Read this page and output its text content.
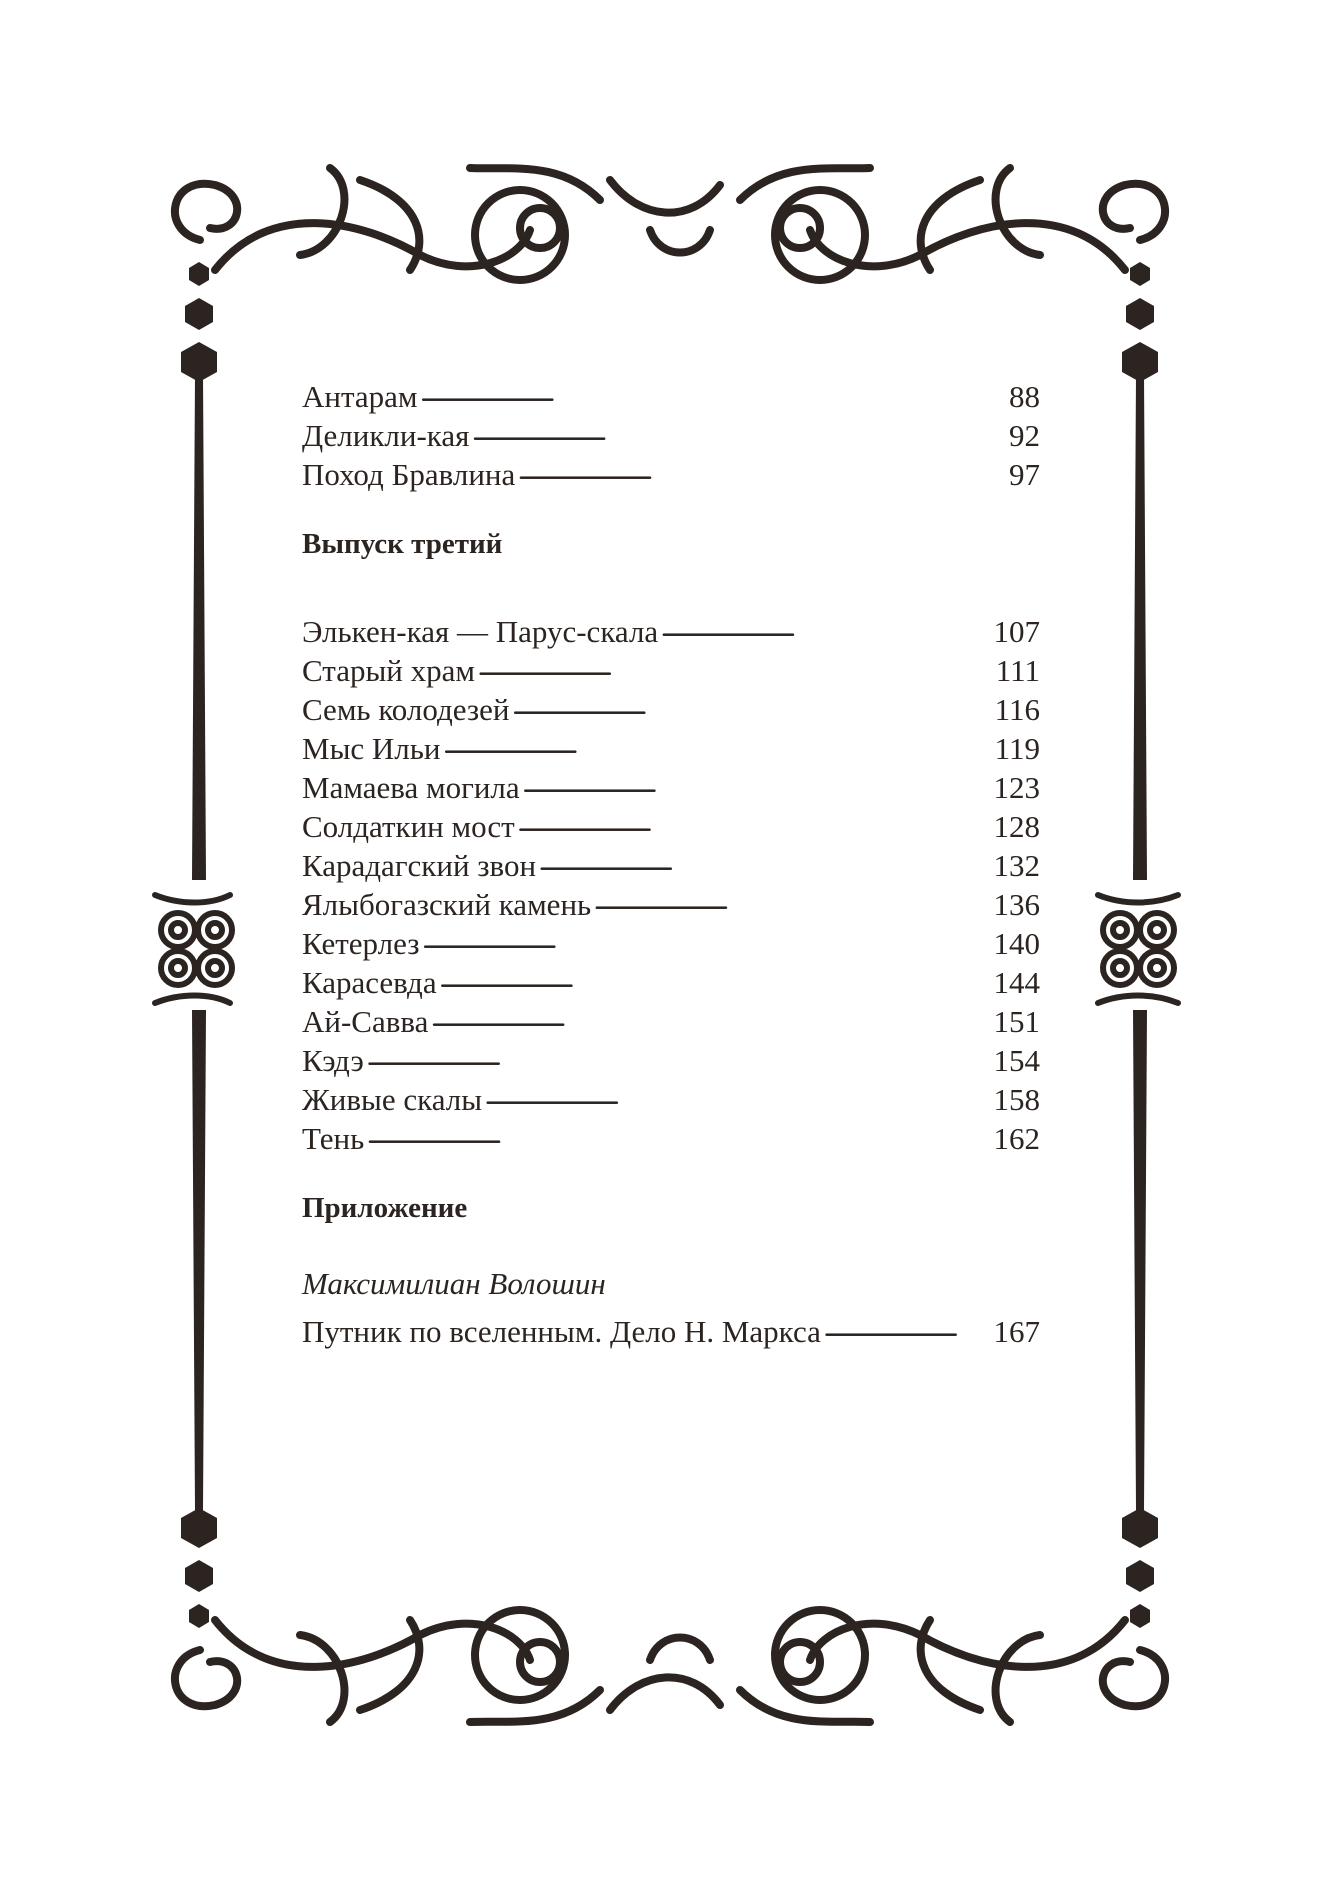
Антарам . . .	88
Деликли-кая . . .	92
Поход Бравлина . . .	97
Выпуск третий
Элькен-кая — Парус-скала . . .	107
Старый храм . . .	111
Семь колодезей . . .	116
Мыс Ильи . . .	119
Мамаева могила . . .	123
Солдаткин мост . . .	128
Карадагский звон . . .	132
Ялыбогазский камень . . .	136
Кетерлез . . .	140
Карасевда . . .	144
Ай-Савва . . .	151
Кэдэ . . .	154
Живые скалы . . .	158
Тень . . .	162
Приложение
Максимилиан Волошин
Путник по вселенным. Дело Н. Маркса . . .	167
